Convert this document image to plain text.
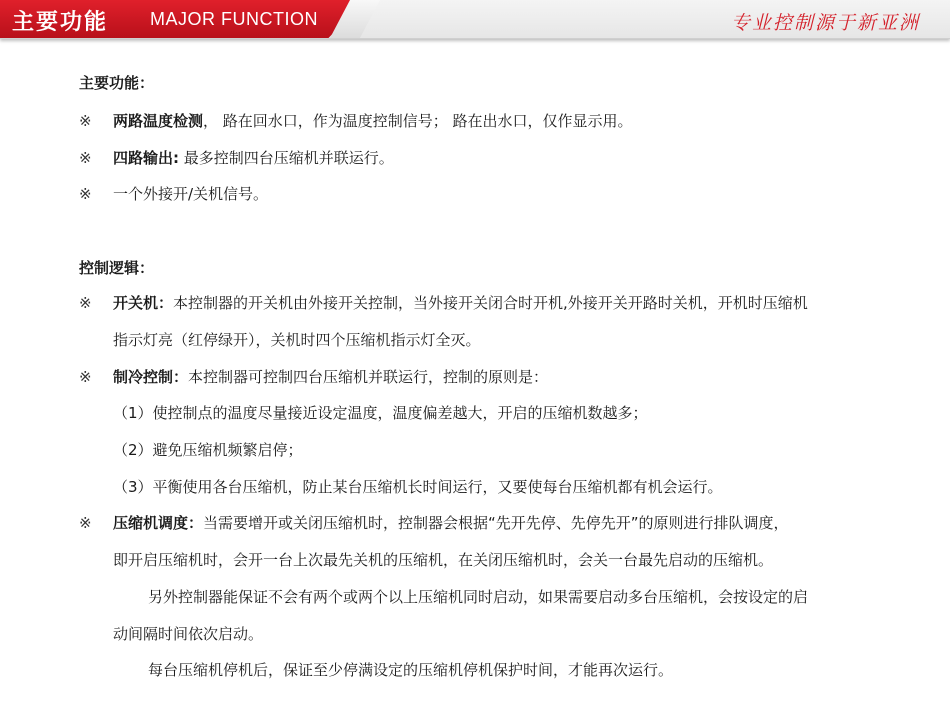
主要功能 MAJOR FUNCTION	专业控制源于新亚洲
主要功能：
※ 两路温度检测， 路在回水口，作为温度控制信号； 路在出水口，仅作显示用。
※ 四路输出: 最多控制四台压缩机并联运行。
※ 一个外接开/关机信号。
控制逻辑：
※ 开关机：本控制器的开关机由外接开关控制，当外接开关闭合时开机,外接开关开路时关机，开机时压缩机
指示灯亮（红停绿开），关机时四个压缩机指示灯全灭。
※ 制冷控制：本控制器可控制四台压缩机并联运行，控制的原则是：
（1）使控制点的温度尽量接近设定温度，温度偏差越大，开启的压缩机数越多；
（2）避免压缩机频繁启停；
（3）平衡使用各台压缩机，防止某台压缩机长时间运行，又要使每台压缩机都有机会运行。
※ 压缩机调度：当需要增开或关闭压缩机时，控制器会根据“先开先停、先停先开”的原则进行排队调度，
即开启压缩机时，会开一台上次最先关机的压缩机，在关闭压缩机时，会关一台最先启动的压缩机。
另外控制器能保证不会有两个或两个以上压缩机同时启动，如果需要启动多台压缩机，会按设定的启
动间隔时间依次启动。
每台压缩机停机后，保证至少停满设定的压缩机停机保护时间，才能再次运行。
